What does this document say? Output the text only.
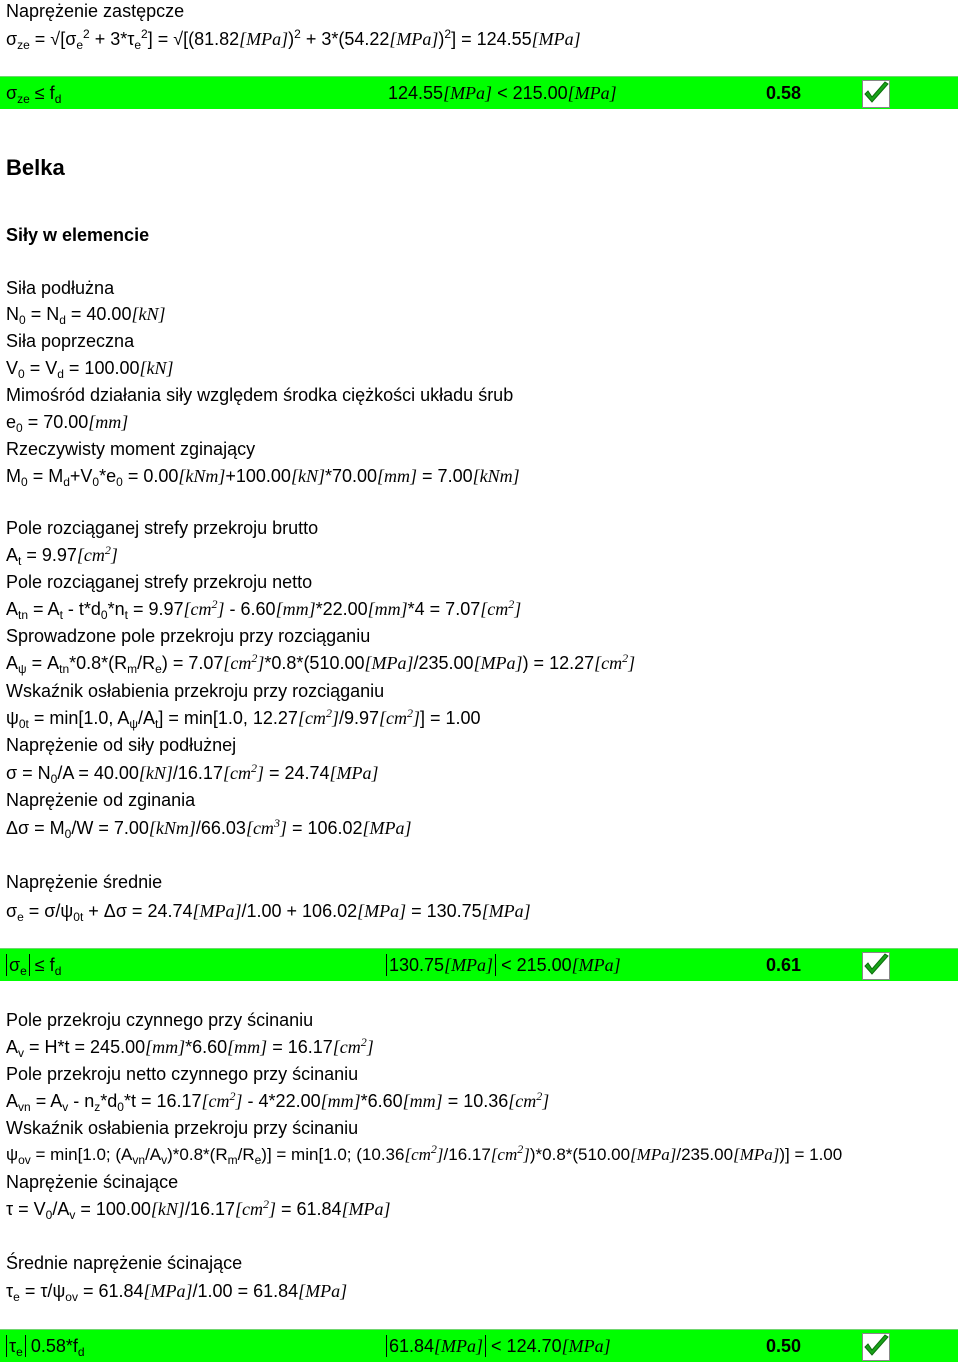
Naprężenie zastępcze
$\sigma_{ze} = √[\sigma_e^2 + 3*\tau_e^2] = √[(81.82[MPa])^2 + 3*(54.22[MPa])^2] = 124.55[MPa]$
$\sigma_{ze} \le f_d$	124.55[MPa] < 215.00[MPa]	0.58
Belka
Siły w elemencie
Siła podłużna
$N_0 = N_d = 40.00[kN]$
Siła poprzeczna
$V_0 = V_d = 100.00[kN]$
Mimośród działania siły względem środka ciężkości układu śrub
$e_0 = 70.00[mm]$
Rzeczywisty moment zginający
$M_0 = M_d+V_0*e_0 = 0.00[kNm]+100.00[kN]*70.00[mm] = 7.00[kNm]$
Pole rozciąganej strefy przekroju brutto
$A_t = 9.97[cm^2]$
Pole rozciąganej strefy przekroju netto
$A_{tn} = A_t - t*d_0*n_t = 9.97[cm^2] - 6.60[mm]*22.00[mm]*4 = 7.07[cm^2]$
Sprowadzone pole przekroju przy rozciąganiu
$A_\psi = A_{tn}*0.8*(R_m/R_e) = 7.07[cm^2]*0.8*(510.00[MPa]/235.00[MPa]) = 12.27[cm^2]$
Wskaźnik osłabienia przekroju przy rozciąganiu
$\psi_{0t} = \min[1.0$, $A_\psi/A_t] = \min[1.0$, $12.27[cm^2]/9.97[cm^2]] = 1.00$
Naprężenie od siły podłużnej
$\sigma = N_0/A = 40.00[kN]/16.17[cm^2] = 24.74[MPa]$
Naprężenie od zginania
$\Delta\sigma = M_0/W = 7.00[kNm]/66.03[cm^3] = 106.02[MPa]$
Naprężenie średnie
$\sigma_e = \sigma/\psi_{0t} + \Delta\sigma = 24.74[MPa]/1.00 + 106.02[MPa] = 130.75[MPa]$
$\sigma_e \le f_d$	130.75[MPa] < 215.00[MPa]	0.61
Pole przekroju czynnego przy ścinaniu
$A_v = H*t = 245.00[mm]*6.60[mm] = 16.17[cm^2]$
Pole przekroju netto czynnego przy ścinaniu
$A_{vn} = A_v - n_z*d_0*t = 16.17[cm^2] - 4*22.00[mm]*6.60[mm] = 10.36[cm^2]$
Wskaźnik osłabienia przekroju przy ścinaniu
$\psi_{ov} = \min[1.0$; $(A_{vn}/A_v)*0.8*(R_m/R_e)] = \min[1.0$; $(10.36[cm^2]/16.17[cm^2])*0.8*(510.00[MPa]/235.00[MPa])] = 1.00$
Naprężenie ścinające
$\tau = V_0/A_v = 100.00[kN]/16.17[cm^2] = 61.84[MPa]$
Średnie naprężenie ścinające
$\tau_e = \tau/\psi_{ov} = 61.84[MPa]/1.00 = 61.84[MPa]$
$\tau_e$ $0.58*f_d$	61.84[MPa] < 124.70[MPa]	0.50
